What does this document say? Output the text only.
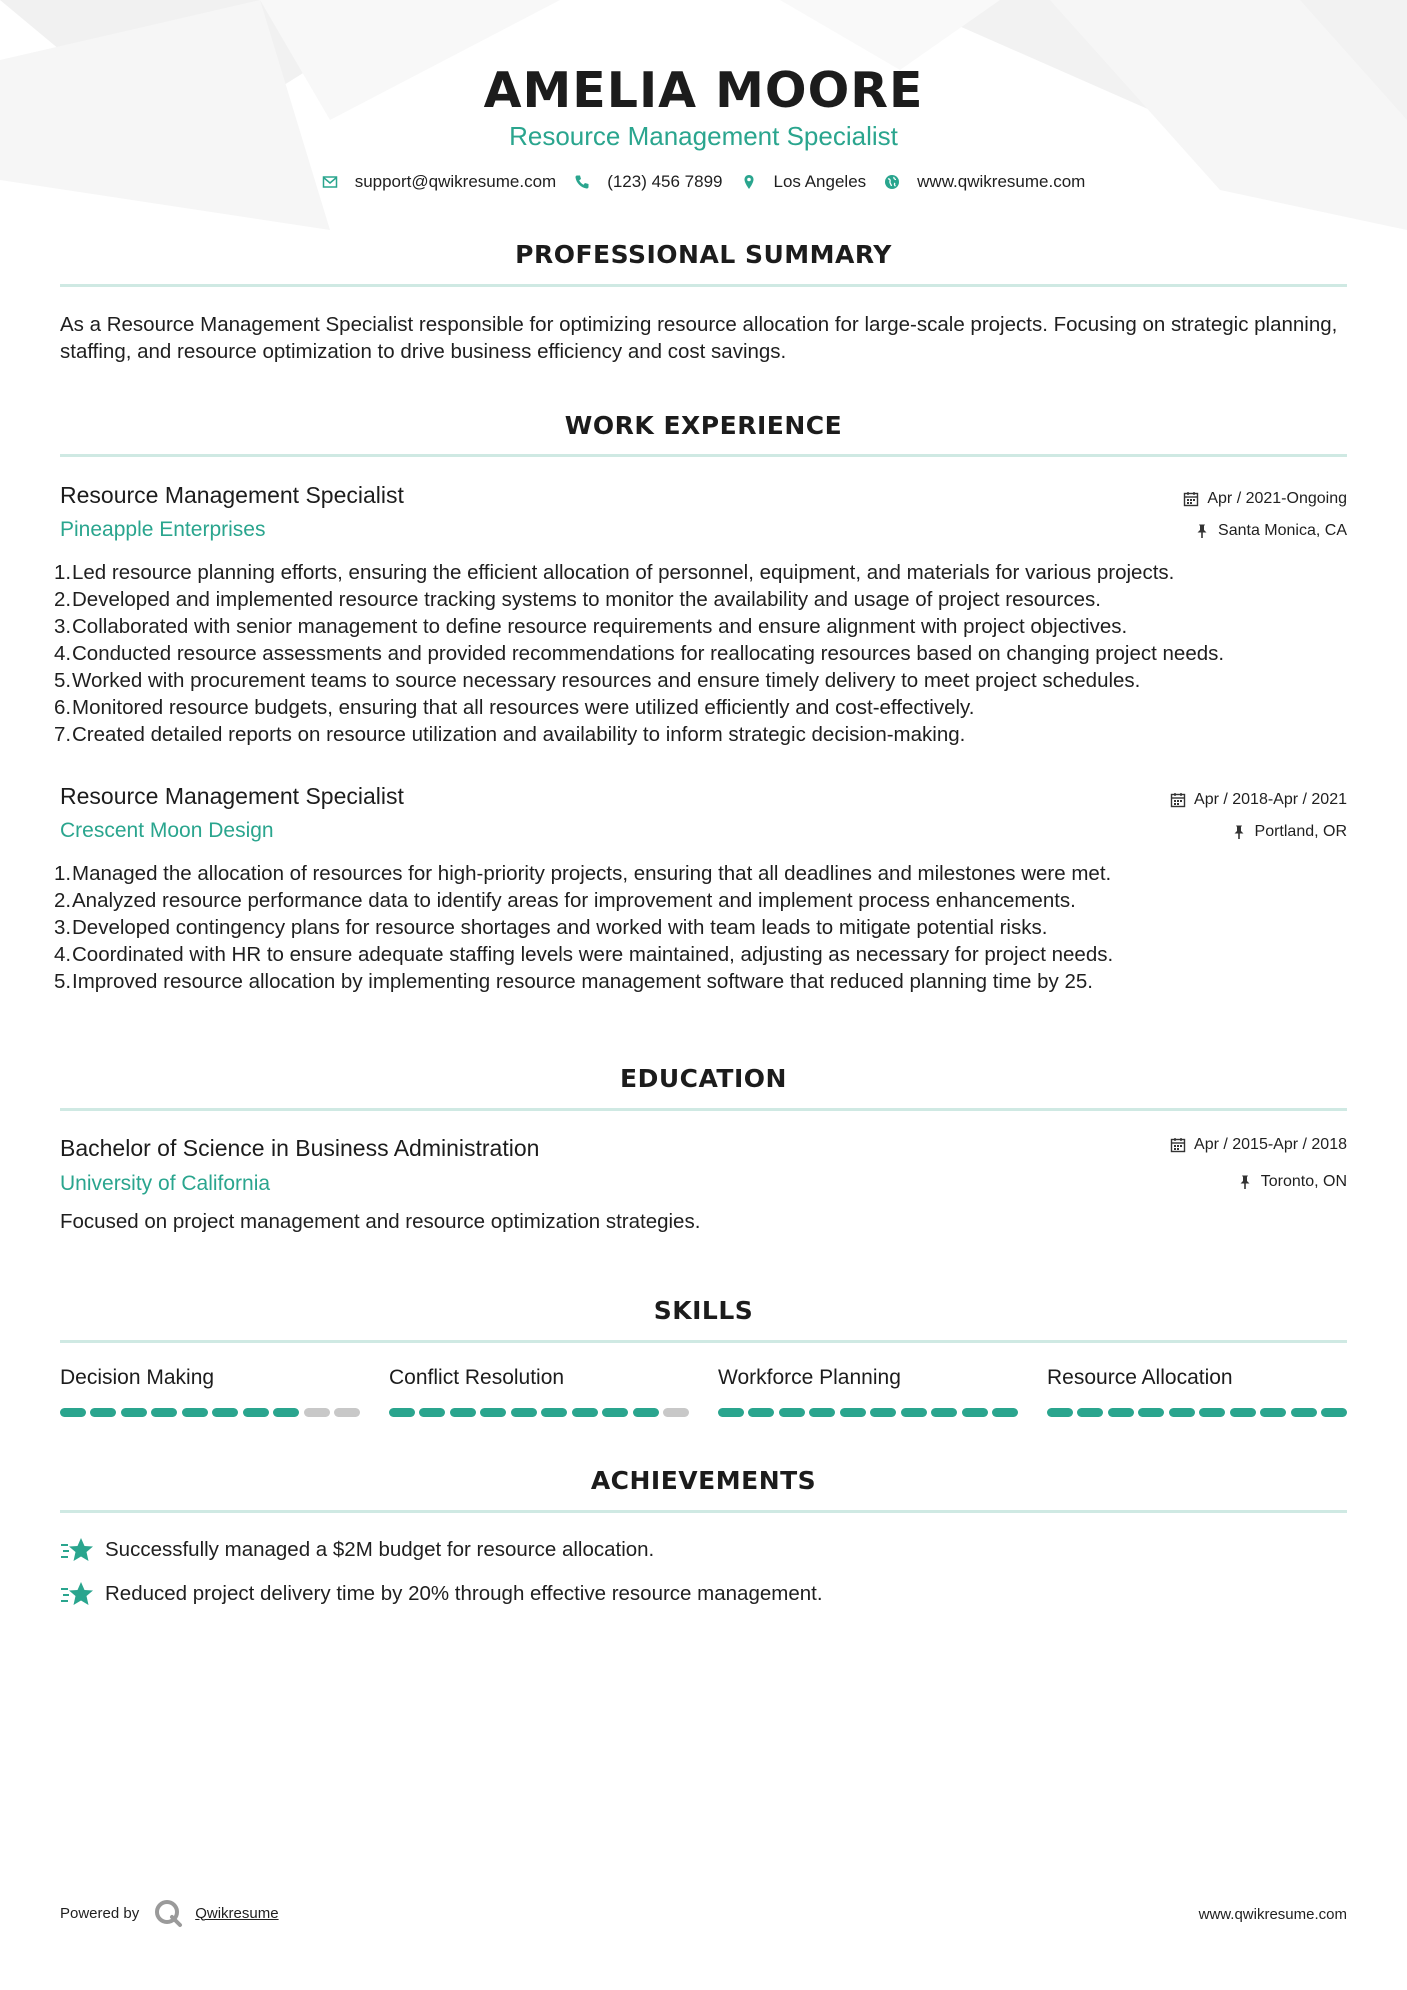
AMELIA MOORE
Resource Management Specialist
support@qwikresume.com	(123) 456 7899	Los Angeles	www.qwikresume.com
PROFESSIONAL SUMMARY
As a Resource Management Specialist responsible for optimizing resource allocation for large-scale projects. Focusing on strategic planning, staffing, and resource optimization to drive business efficiency and cost savings.
WORK EXPERIENCE
Resource Management Specialist	Apr / 2021-Ongoing
Pineapple Enterprises	Santa Monica, CA
1. Led resource planning efforts, ensuring the efficient allocation of personnel, equipment, and materials for various projects.
2. Developed and implemented resource tracking systems to monitor the availability and usage of project resources.
3. Collaborated with senior management to define resource requirements and ensure alignment with project objectives.
4. Conducted resource assessments and provided recommendations for reallocating resources based on changing project needs.
5. Worked with procurement teams to source necessary resources and ensure timely delivery to meet project schedules.
6. Monitored resource budgets, ensuring that all resources were utilized efficiently and cost-effectively.
7. Created detailed reports on resource utilization and availability to inform strategic decision-making.
Resource Management Specialist	Apr / 2018-Apr / 2021
Crescent Moon Design	Portland, OR
1. Managed the allocation of resources for high-priority projects, ensuring that all deadlines and milestones were met.
2. Analyzed resource performance data to identify areas for improvement and implement process enhancements.
3. Developed contingency plans for resource shortages and worked with team leads to mitigate potential risks.
4. Coordinated with HR to ensure adequate staffing levels were maintained, adjusting as necessary for project needs.
5. Improved resource allocation by implementing resource management software that reduced planning time by 25.
EDUCATION
Bachelor of Science in Business Administration	Apr / 2015-Apr / 2018
University of California	Toronto, ON
Focused on project management and resource optimization strategies.
SKILLS
Decision Making	Conflict Resolution	Workforce Planning	Resource Allocation
ACHIEVEMENTS
Successfully managed a $2M budget for resource allocation.
Reduced project delivery time by 20% through effective resource management.
Powered by	Qwikresume	www.qwikresume.com
